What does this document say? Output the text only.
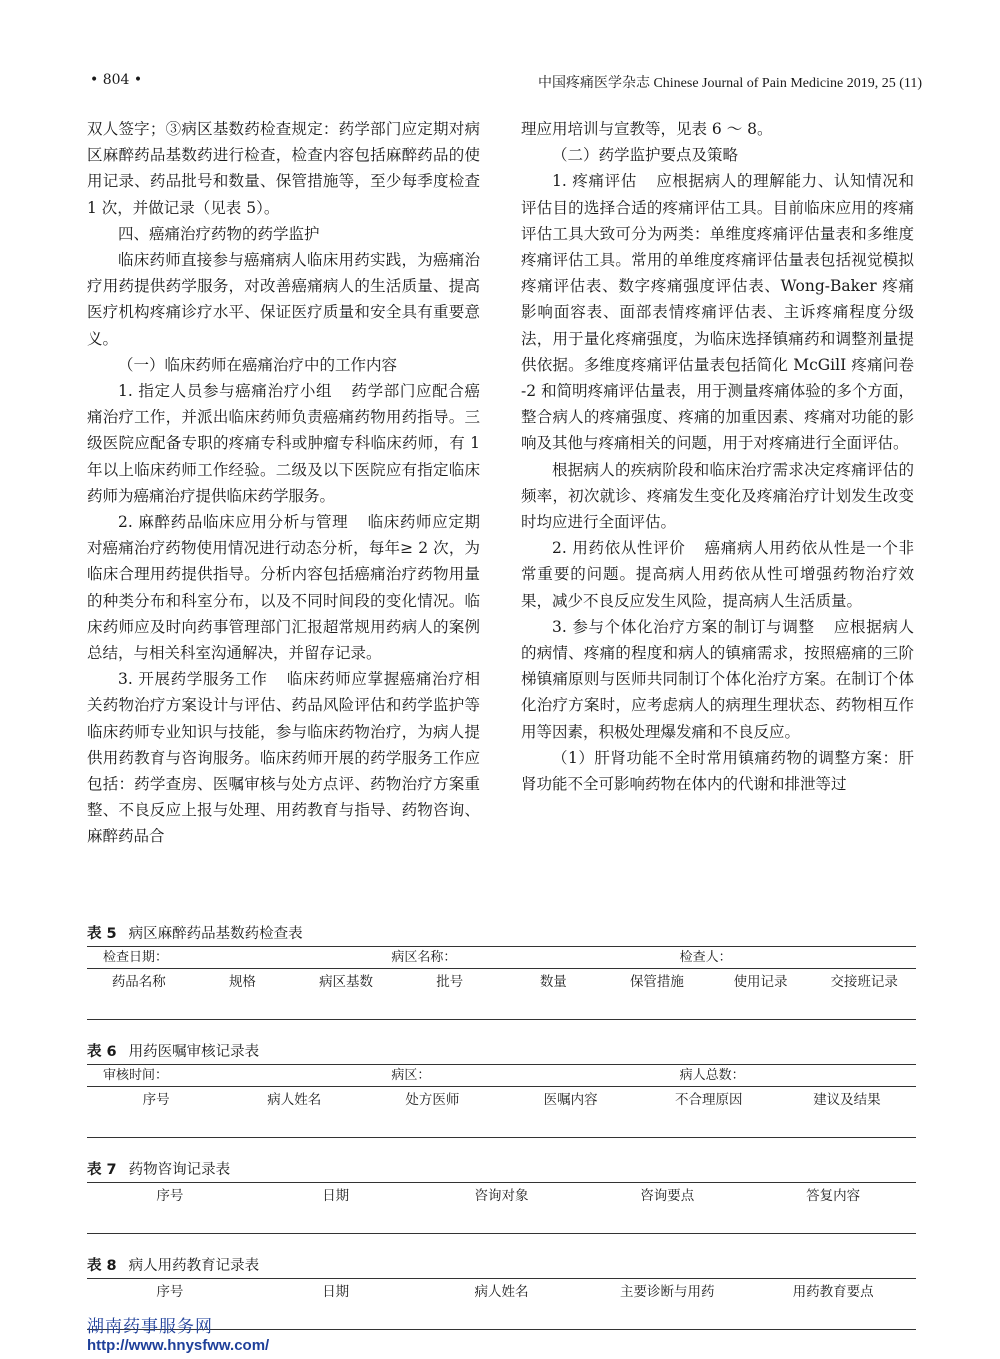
• 804 •	中国疼痛医学杂志 Chinese Journal of Pain Medicine 2019, 25 (11)

双人签字；③病区基数药检查规定：药学部门应定期对病区麻醉药品基数药进行检查，检查内容包括麻醉药品的使用记录、药品批号和数量、保管措施等，至少每季度检查 1 次，并做记录（见表 5）。

四、癌痛治疗药物的药学监护

临床药师直接参与癌痛病人临床用药实践，为癌痛治疗用药提供药学服务，对改善癌痛病人的生活质量、提高医疗机构疼痛诊疗水平、保证医疗质量和安全具有重要意义。

（一）临床药师在癌痛治疗中的工作内容

1. 指定人员参与癌痛治疗小组 药学部门应配合癌痛治疗工作，并派出临床药师负责癌痛药物用药指导。三级医院应配备专职的疼痛专科或肿瘤专科临床药师，有 1 年以上临床药师工作经验。二级及以下医院应有指定临床药师为癌痛治疗提供临床药学服务。

2. 麻醉药品临床应用分析与管理 临床药师应定期对癌痛治疗药物使用情况进行动态分析，每年≥ 2 次，为临床合理用药提供指导。分析内容包括癌痛治疗药物用量的种类分布和科室分布，以及不同时间段的变化情况。临床药师应及时向药事管理部门汇报超常规用药病人的案例总结，与相关科室沟通解决，并留存记录。

3. 开展药学服务工作 临床药师应掌握癌痛治疗相关药物治疗方案设计与评估、药品风险评估和药学监护等临床药师专业知识与技能，参与临床药物治疗，为病人提供用药教育与咨询服务。临床药师开展的药学服务工作应包括：药学查房、医嘱审核与处方点评、药物治疗方案重整、不良反应上报与处理、用药教育与指导、药物咨询、麻醉药品合

理应用培训与宣教等，见表 6 ～ 8。

（二）药学监护要点及策略

1. 疼痛评估 应根据病人的理解能力、认知情况和评估目的选择合适的疼痛评估工具。目前临床应用的疼痛评估工具大致可分为两类：单维度疼痛评估量表和多维度疼痛评估工具。常用的单维度疼痛评估量表包括视觉模拟疼痛评估表、数字疼痛强度评估表、Wong-Baker 疼痛影响面容表、面部表情疼痛评估表、主诉疼痛程度分级法，用于量化疼痛强度，为临床选择镇痛药和调整剂量提供依据。多维度疼痛评估量表包括简化 McGilI 疼痛问卷 -2 和简明疼痛评估量表，用于测量疼痛体验的多个方面，整合病人的疼痛强度、疼痛的加重因素、疼痛对功能的影响及其他与疼痛相关的问题，用于对疼痛进行全面评估。

根据病人的疾病阶段和临床治疗需求决定疼痛评估的频率，初次就诊、疼痛发生变化及疼痛治疗计划发生改变时均应进行全面评估。

2. 用药依从性评价 癌痛病人用药依从性是一个非常重要的问题。提高病人用药依从性可增强药物治疗效果，减少不良反应发生风险，提高病人生活质量。

3. 参与个体化治疗方案的制订与调整 应根据病人的病情、疼痛的程度和病人的镇痛需求，按照癌痛的三阶梯镇痛原则与医师共同制订个体化治疗方案。在制订个体化治疗方案时，应考虑病人的病理生理状态、药物相互作用等因素，积极处理爆发痛和不良反应。

（1）肝肾功能不全时常用镇痛药物的调整方案：肝肾功能不全可影响药物在体内的代谢和排泄等过

表 5 病区麻醉药品基数药检查表
检查日期：	病区名称：	检查人：
药品名称	规格	病区基数	批号	数量	保管措施	使用记录	交接班记录
表 6 用药医嘱审核记录表
审核时间：	病区：	病人总数：
序号	病人姓名	处方医师	医嘱内容	不合理原因	建议及结果
表 7 药物咨询记录表
序号	日期	咨询对象	咨询要点	答复内容
表 8 病人用药教育记录表
序号	日期	病人姓名	主要诊断与用药	用药教育要点
湖南药事服务网
http://www.hnysfww.com/
